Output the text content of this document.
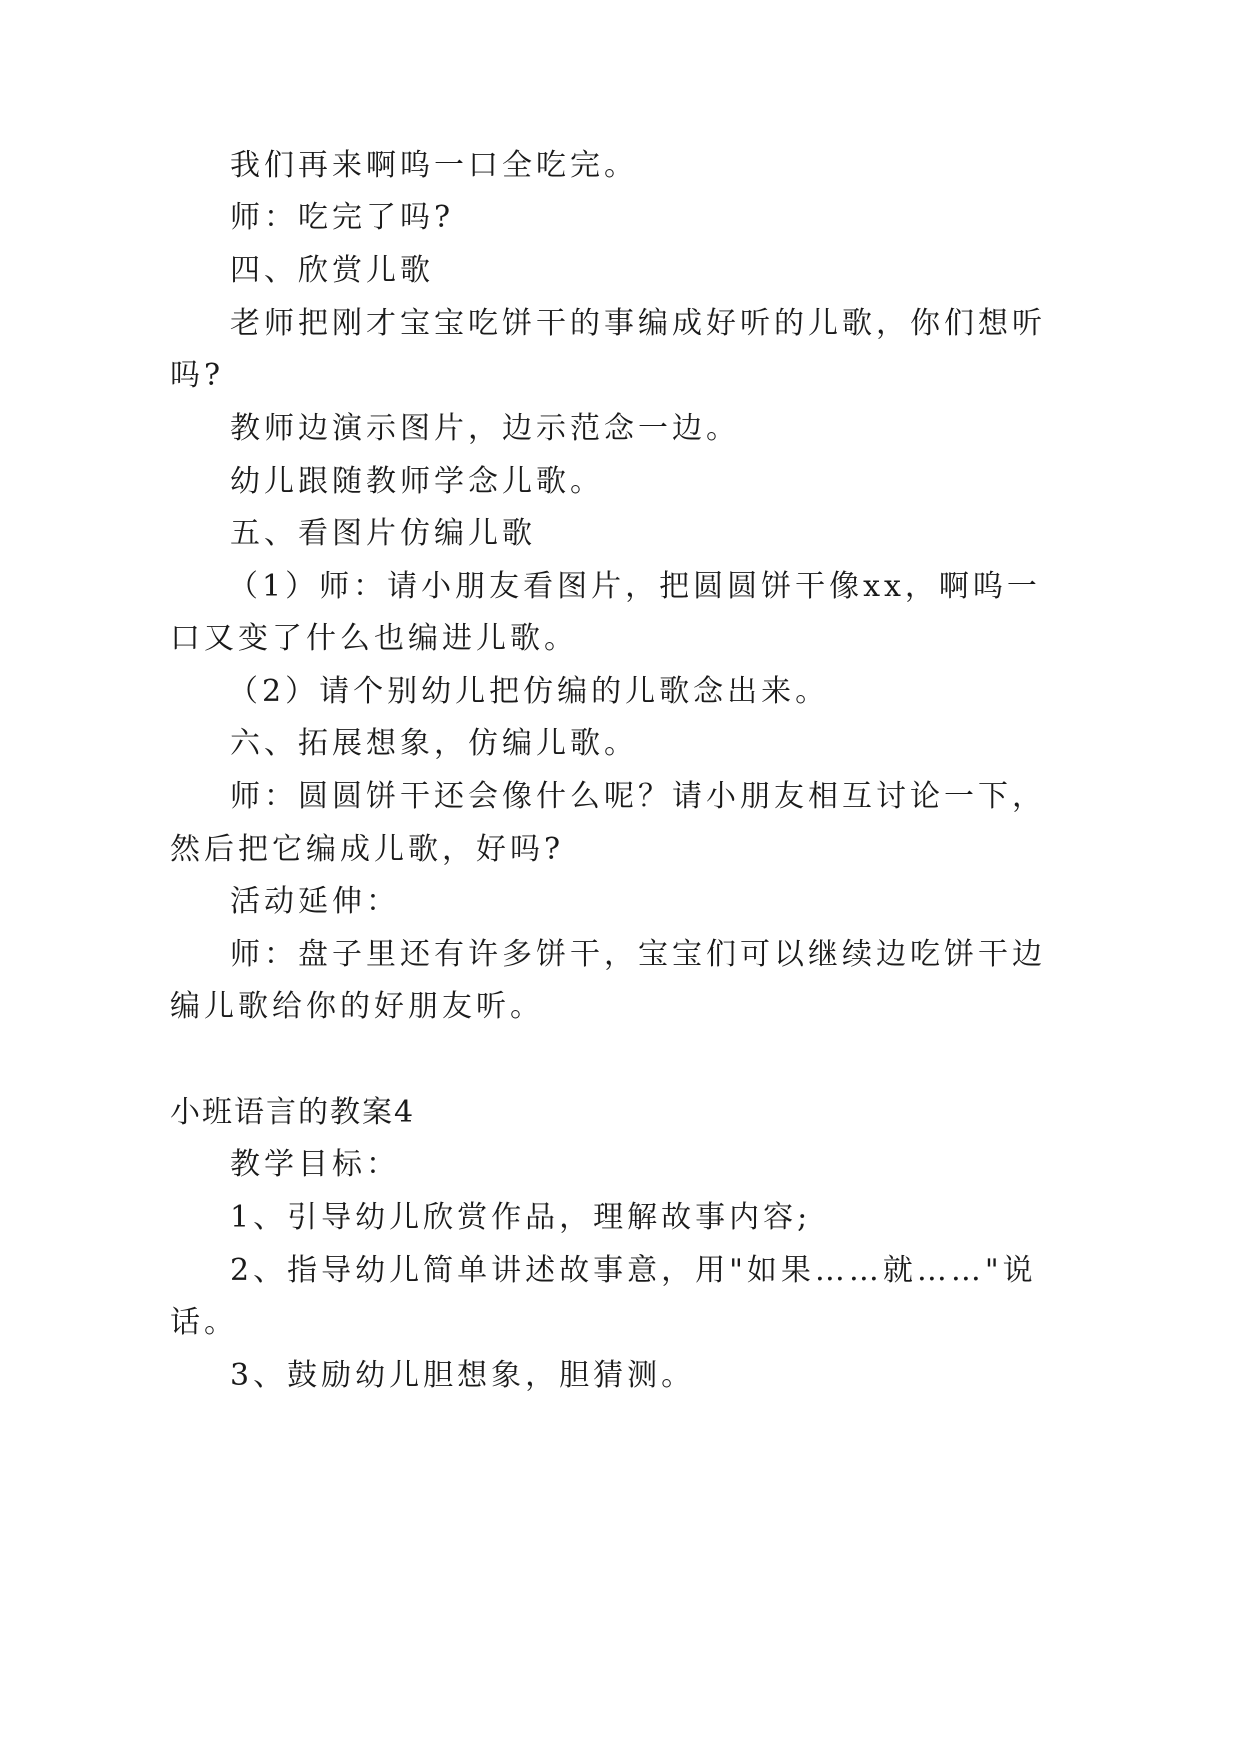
我们再来啊呜一口全吃完。
师：吃完了吗?
四、欣赏儿歌
老师把刚才宝宝吃饼干的事编成好听的儿歌，你们想听
吗?
教师边演示图片，边示范念一边。
幼儿跟随教师学念儿歌。
五、看图片仿编儿歌
（1）师：请小朋友看图片，把圆圆饼干像xx，啊呜一
口又变了什么也编进儿歌。
（2）请个别幼儿把仿编的儿歌念出来。
六、拓展想象，仿编儿歌。
师：圆圆饼干还会像什么呢？请小朋友相互讨论一下，
然后把它编成儿歌，好吗?
活动延伸：
师：盘子里还有许多饼干，宝宝们可以继续边吃饼干边
编儿歌给你的好朋友听。
小班语言的教案4
教学目标：
1、引导幼儿欣赏作品，理解故事内容;
2、指导幼儿简单讲述故事意，用"如果……就……"说
话。
3、鼓励幼儿胆想象，胆猜测。
